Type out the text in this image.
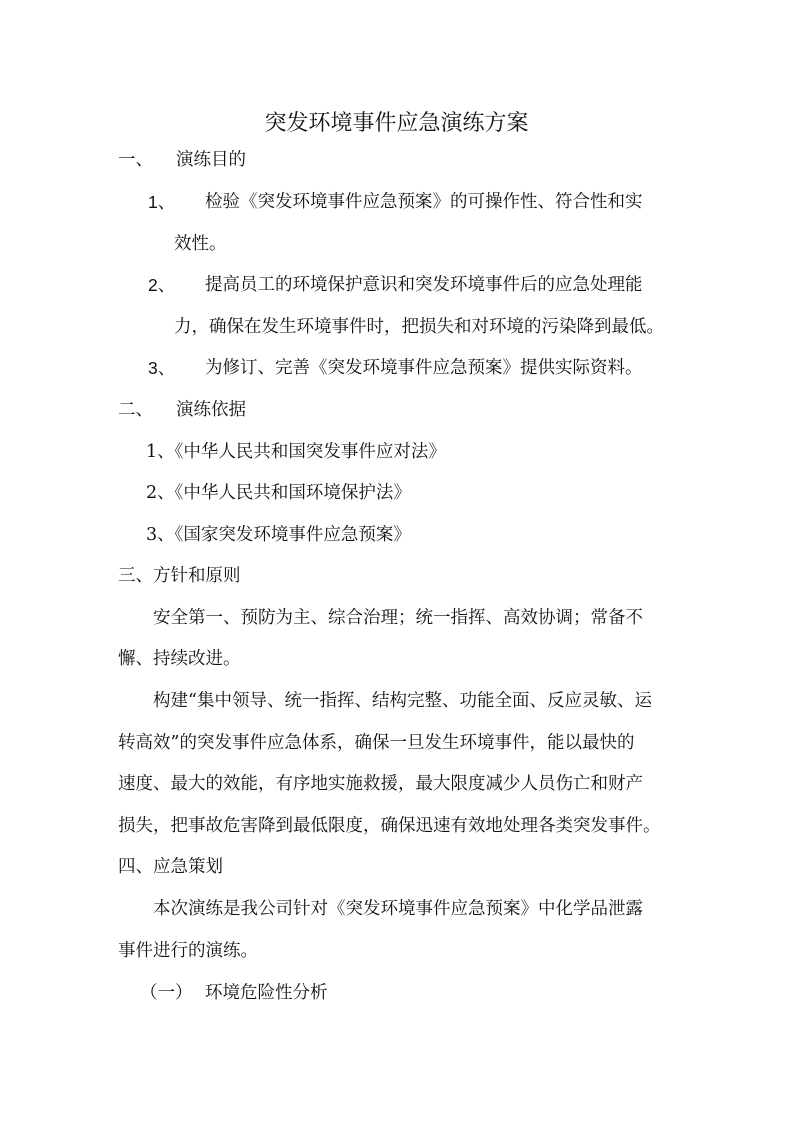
突发环境事件应急演练方案
一、 演练目的
1、 检验《突发环境事件应急预案》的可操作性、符合性和实
效性。
2、 提高员工的环境保护意识和突发环境事件后的应急处理能
力，确保在发生环境事件时，把损失和对环境的污染降到最低。
3、 为修订、完善《突发环境事件应急预案》提供实际资料。
二、 演练依据
1、《中华人民共和国突发事件应对法》
2、《中华人民共和国环境保护法》
3、《国家突发环境事件应急预案》
三、方针和原则
安全第一、预防为主、综合治理；统一指挥、高效协调；常备不
懈、持续改进。
构建“集中领导、统一指挥、结构完整、功能全面、反应灵敏、运
转高效”的突发事件应急体系，确保一旦发生环境事件，能以最快的
速度、最大的效能，有序地实施救援，最大限度减少人员伤亡和财产
损失，把事故危害降到最低限度，确保迅速有效地处理各类突发事件。
四、应急策划
本次演练是我公司针对《突发环境事件应急预案》中化学品泄露
事件进行的演练。
（一） 环境危险性分析
